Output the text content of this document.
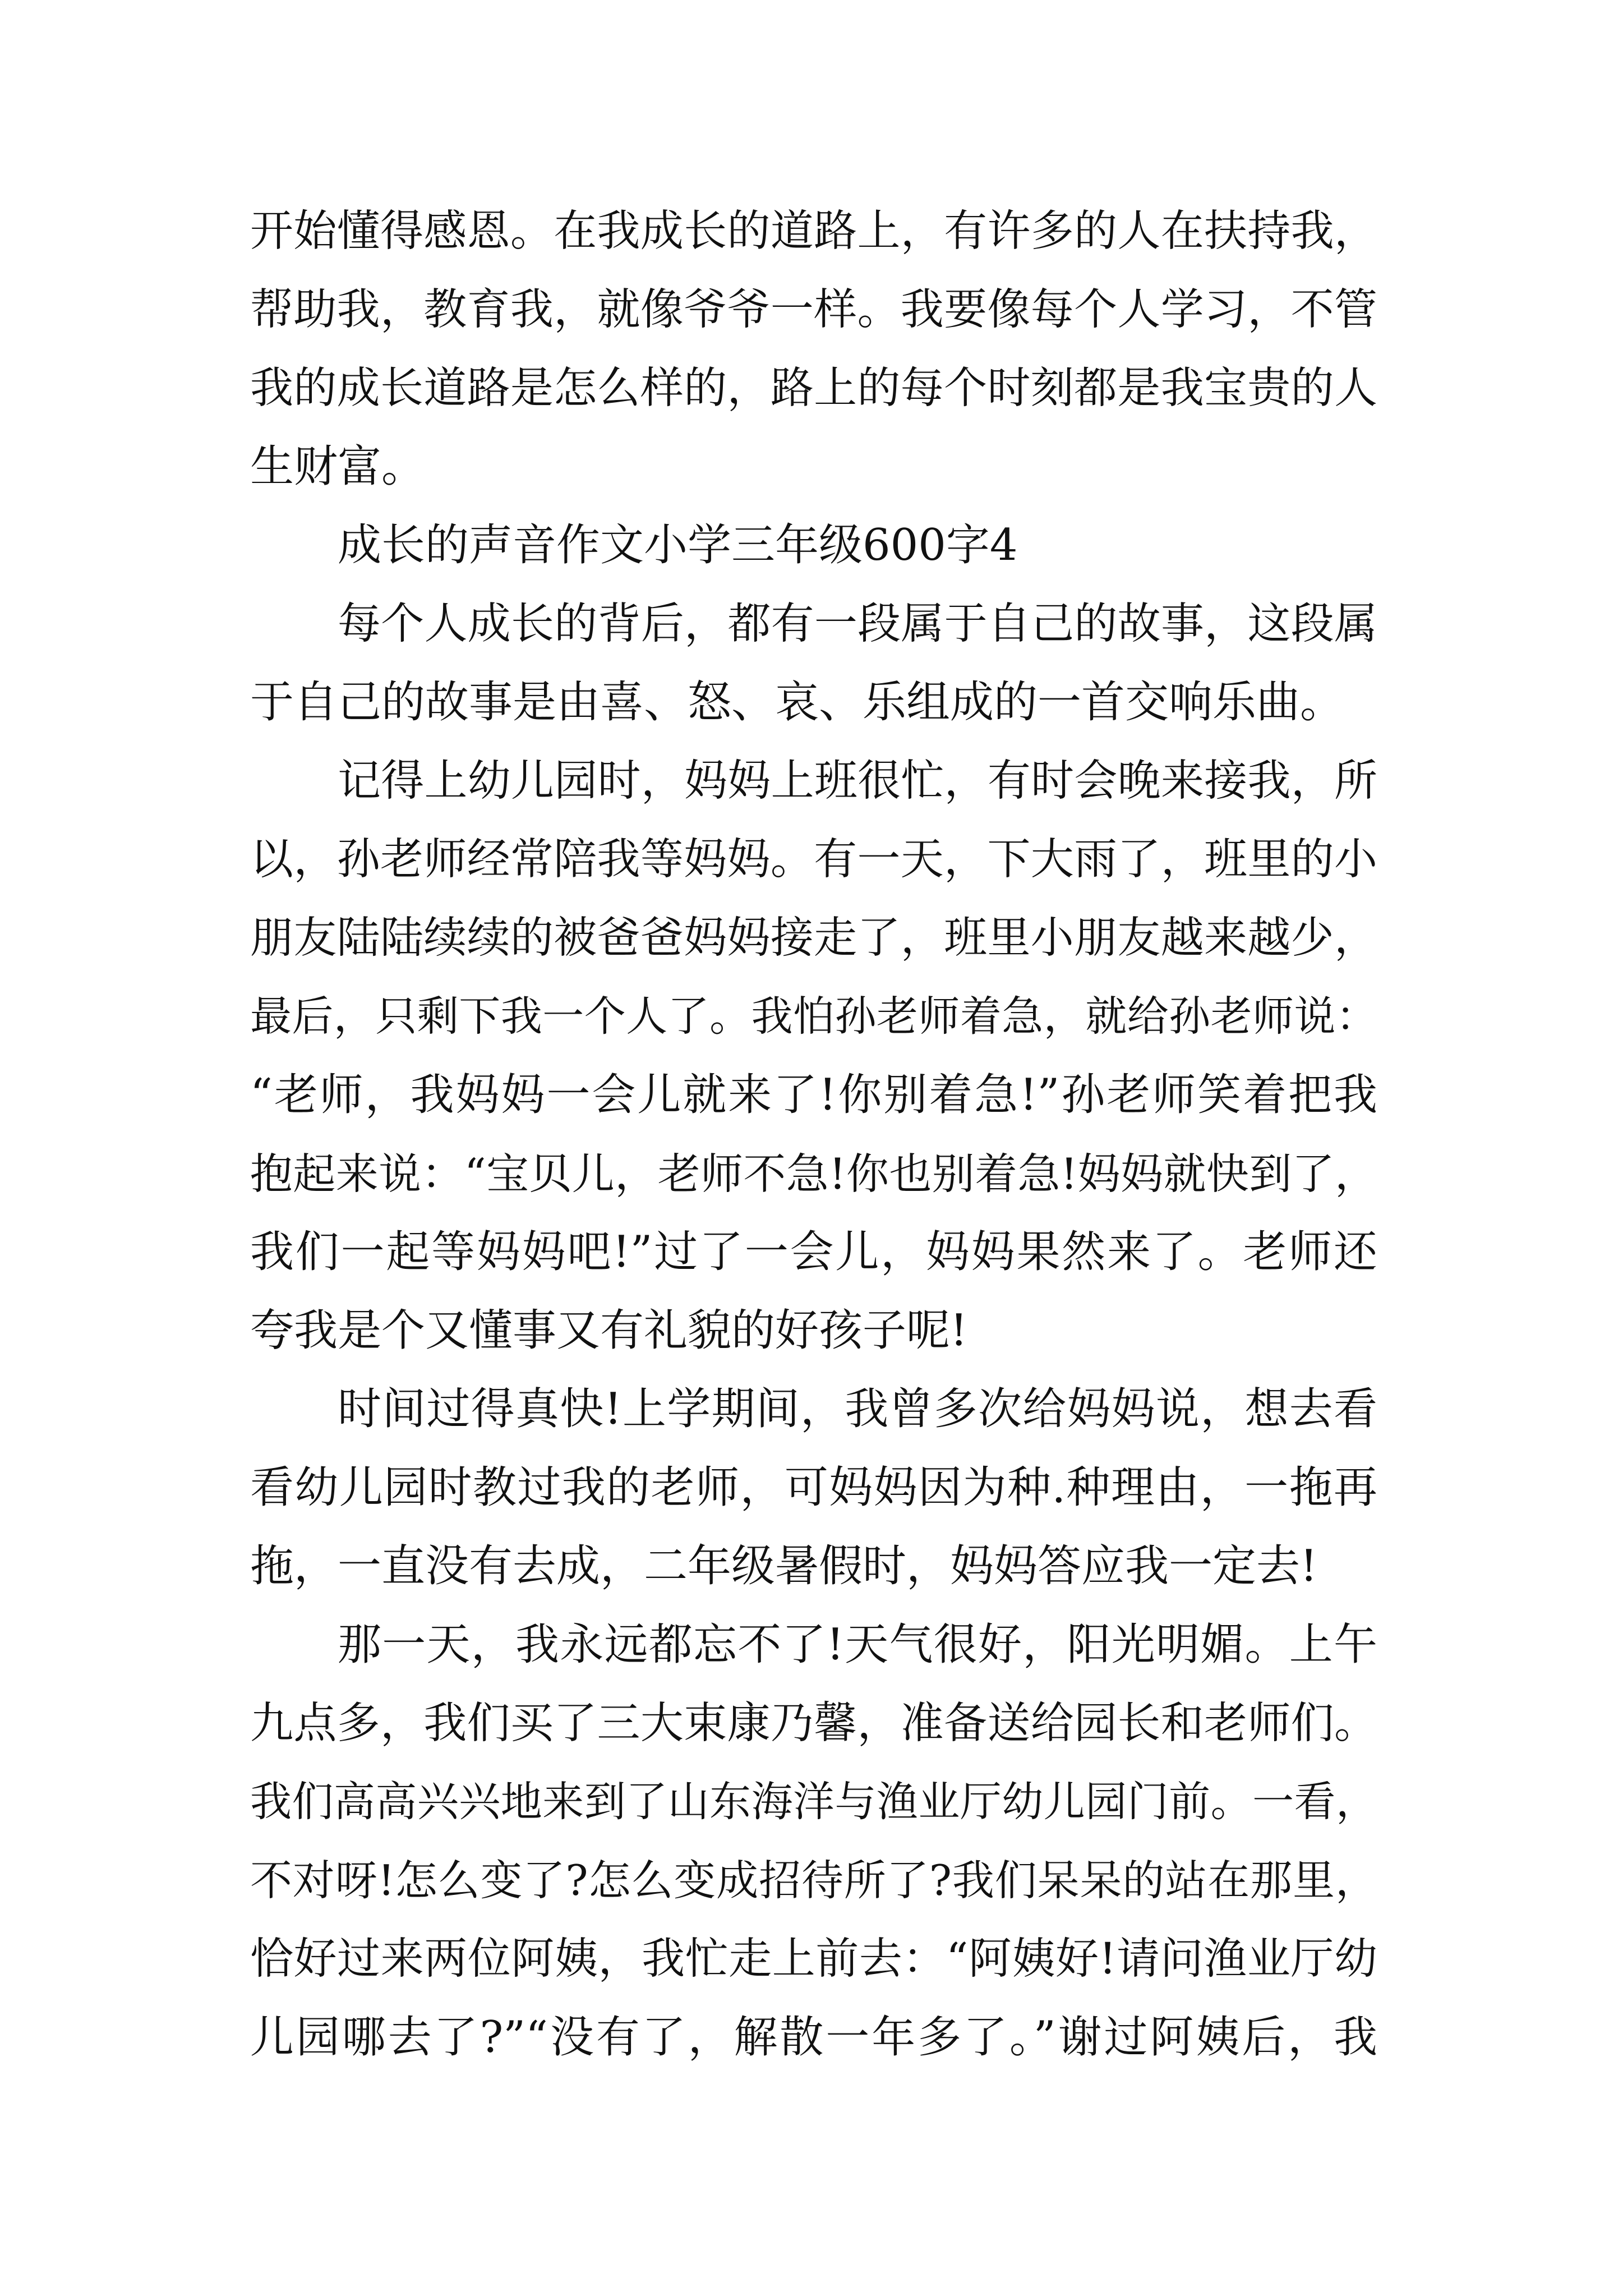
开始懂得感恩。在我成长的道路上，有许多的人在扶持我，
帮助我，教育我，就像爷爷一样。我要像每个人学习，不管
我的成长道路是怎么样的，路上的每个时刻都是我宝贵的人
生财富。
成长的声音作文小学三年级600字4
每个人成长的背后，都有一段属于自己的故事，这段属
于自己的故事是由喜、怒、哀、乐组成的一首交响乐曲。
记得上幼儿园时，妈妈上班很忙，有时会晚来接我，所
以，孙老师经常陪我等妈妈。有一天，下大雨了，班里的小
朋友陆陆续续的被爸爸妈妈接走了，班里小朋友越来越少，
最后，只剩下我一个人了。我怕孙老师着急，就给孙老师说：
“老师，我妈妈一会儿就来了!你别着急!”孙老师笑着把我
抱起来说：“宝贝儿，老师不急!你也别着急!妈妈就快到了，
我们一起等妈妈吧!”过了一会儿，妈妈果然来了。老师还
夸我是个又懂事又有礼貌的好孩子呢!
时间过得真快!上学期间，我曾多次给妈妈说，想去看
看幼儿园时教过我的老师，可妈妈因为种.种理由，一拖再
拖，一直没有去成，二年级暑假时，妈妈答应我一定去!
那一天，我永远都忘不了!天气很好，阳光明媚。上午
九点多，我们买了三大束康乃馨，准备送给园长和老师们。
我们高高兴兴地来到了山东海洋与渔业厅幼儿园门前。一看，
不对呀!怎么变了?怎么变成招待所了?我们呆呆的站在那里，
恰好过来两位阿姨，我忙走上前去：“阿姨好!请问渔业厅幼
儿园哪去了?”“没有了，解散一年多了。”谢过阿姨后，我
